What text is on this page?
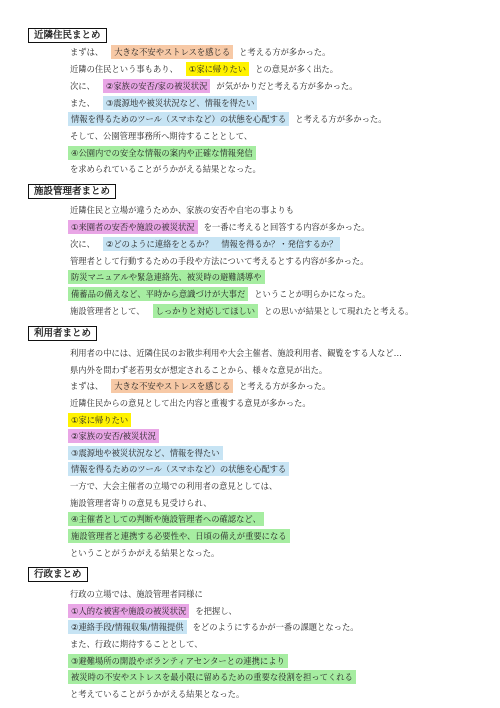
近隣住民まとめ
まずは、 大きな不安やストレスを感じる と考える方が多かった。
近隣の住民という事もあり、 ①家に帰りたい との意見が多く出た。
次に、 ②家族の安否/家の被災状況 が気がかりだと考える方が多かった。
また、 ③震源地や被災状況など、情報を得たい
情報を得るためのツール（スマホなど）の状態を心配する と考える方が多かった。
そして、公園管理事務所へ期待することとして、
④公園内での安全な情報の案内や正確な情報発信
を求められていることがうかがえる結果となった。
施設管理者まとめ
近隣住民と立場が違うためか、家族の安否や自宅の事よりも
①来園者の安否や施設の被災状況 を一番に考えると回答する内容が多かった。
次に、 ②どのように連絡をとるか？　情報を得るか？・発信するか？
管理者として行動するための手段や方法について考えるとする内容が多かった。
防災マニュアルや緊急連絡先、被災時の避難誘導や
備蓄品の備えなど、平時から意識づけが大事だ ということが明らかになった。
施設管理者として、 しっかりと対応してほしい との思いが結果として現れたと考える。
利用者まとめ
利用者の中には、近隣住民のお散歩利用や大会主催者、施設利用者、観覧をする人など…
県内外を問わず老若男女が想定されることから、様々な意見が出た。
まずは、 大きな不安やストレスを感じる と考える方が多かった。
近隣住民からの意見として出た内容と重複する意見が多かった。
①家に帰りたい
②家族の安否/被災状況
③震源地や被災状況など、情報を得たい
情報を得るためのツール（スマホなど）の状態を心配する
一方で、大会主催者の立場での利用者の意見としては、
施設管理者寄りの意見も見受けられ、
④主催者としての判断や施設管理者への確認など、
施設管理者と連携する必要性や、日頃の備えが重要になる
ということがうかがえる結果となった。
行政まとめ
行政の立場では、施設管理者同様に
①人的な被害や施設の被災状況 を把握し、
②連絡手段/情報収集/情報提供 をどのようにするかが一番の課題となった。
また、行政に期待することとして、
③避難場所の開設やボランティアセンターとの連携により
被災時の不安やストレスを最小限に留めるための重要な役割を担ってくれる
と考えていることがうかがえる結果となった。
